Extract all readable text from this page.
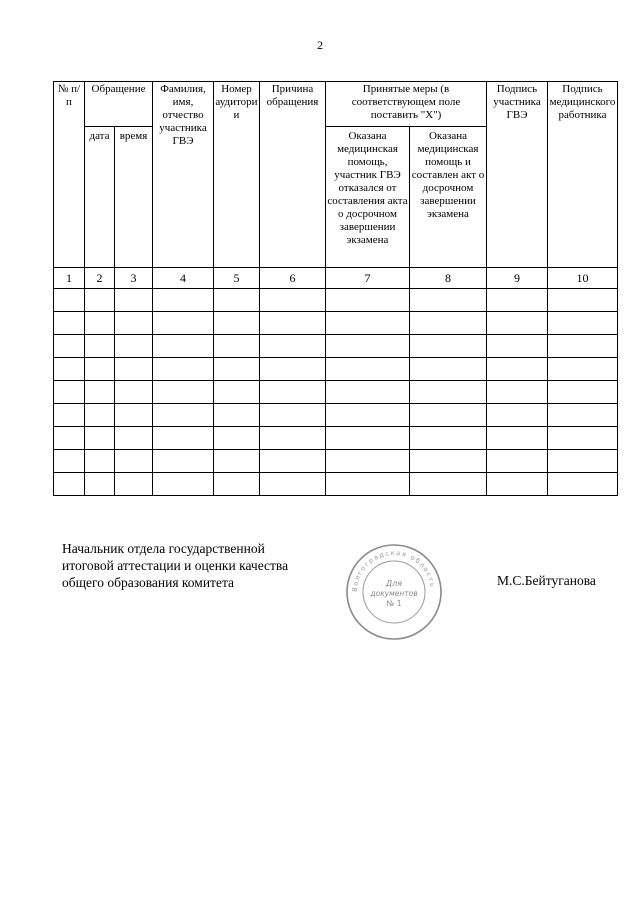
2
№ п/п	Обращение		Фамилия, имя, отчество участника ГВЭ	Номер аудитории	Причина обращения	Принятые меры (в соответствующем поле поставить "Х")		Подпись участника ГВЭ	Подпись медицинского работника
	дата	время				Оказана медицинская помощь, участник ГВЭ отказался от составления акта о досрочном завершении экзамена	Оказана медицинская помощь и составлен акт о досрочном завершении экзамена		
1	2	3	4	5	6	7	8	9	10

Начальник отдела государственной
итоговой аттестации и оценки качества
общего образования комитета	М.С.Бейтуганова
Волгоградская область
Для
документов
№ 1
